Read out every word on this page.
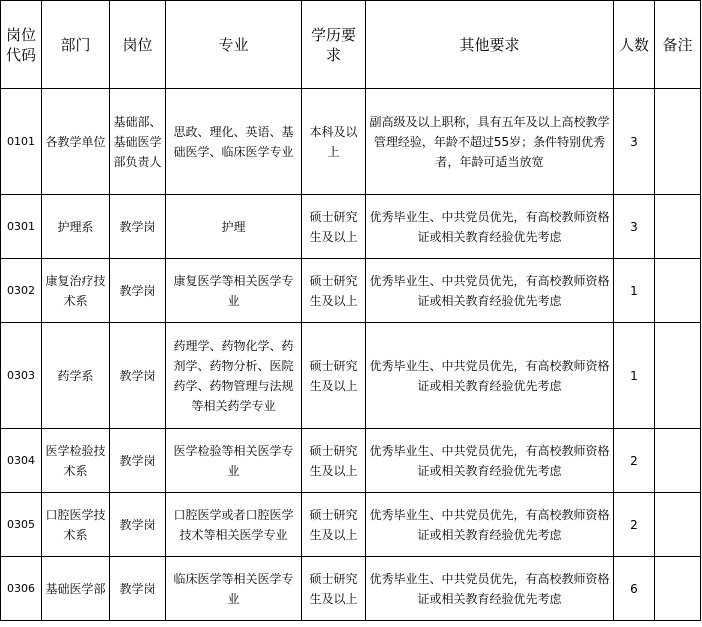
岗位代码	部门	岗位	专业	学历要求	其他要求	人数	备注
0101	各教学单位	基础部、基础医学部负责人	思政、理化、英语、基础医学、临床医学专业	本科及以上	副高级及以上职称，具有五年及以上高校教学管理经验，年龄不超过55岁；条件特别优秀者，年龄可适当放宽	3	
0301	护理系	教学岗	护理	硕士研究生及以上	优秀毕业生、中共党员优先，有高校教师资格证或相关教育经验优先考虑	3	
0302	康复治疗技术系	教学岗	康复医学等相关医学专业	硕士研究生及以上	优秀毕业生、中共党员优先，有高校教师资格证或相关教育经验优先考虑	1	
0303	药学系	教学岗	药理学、药物化学、药剂学、药物分析、医院药学、药物管理与法规等相关药学专业	硕士研究生及以上	优秀毕业生、中共党员优先，有高校教师资格证或相关教育经验优先考虑	1	
0304	医学检验技术系	教学岗	医学检验等相关医学专业	硕士研究生及以上	优秀毕业生、中共党员优先，有高校教师资格证或相关教育经验优先考虑	2	
0305	口腔医学技术系	教学岗	口腔医学或者口腔医学技术等相关医学专业	硕士研究生及以上	优秀毕业生、中共党员优先，有高校教师资格证或相关教育经验优先考虑	2	
0306	基础医学部	教学岗	临床医学等相关医学专业	硕士研究生及以上	优秀毕业生、中共党员优先，有高校教师资格证或相关教育经验优先考虑	6	
